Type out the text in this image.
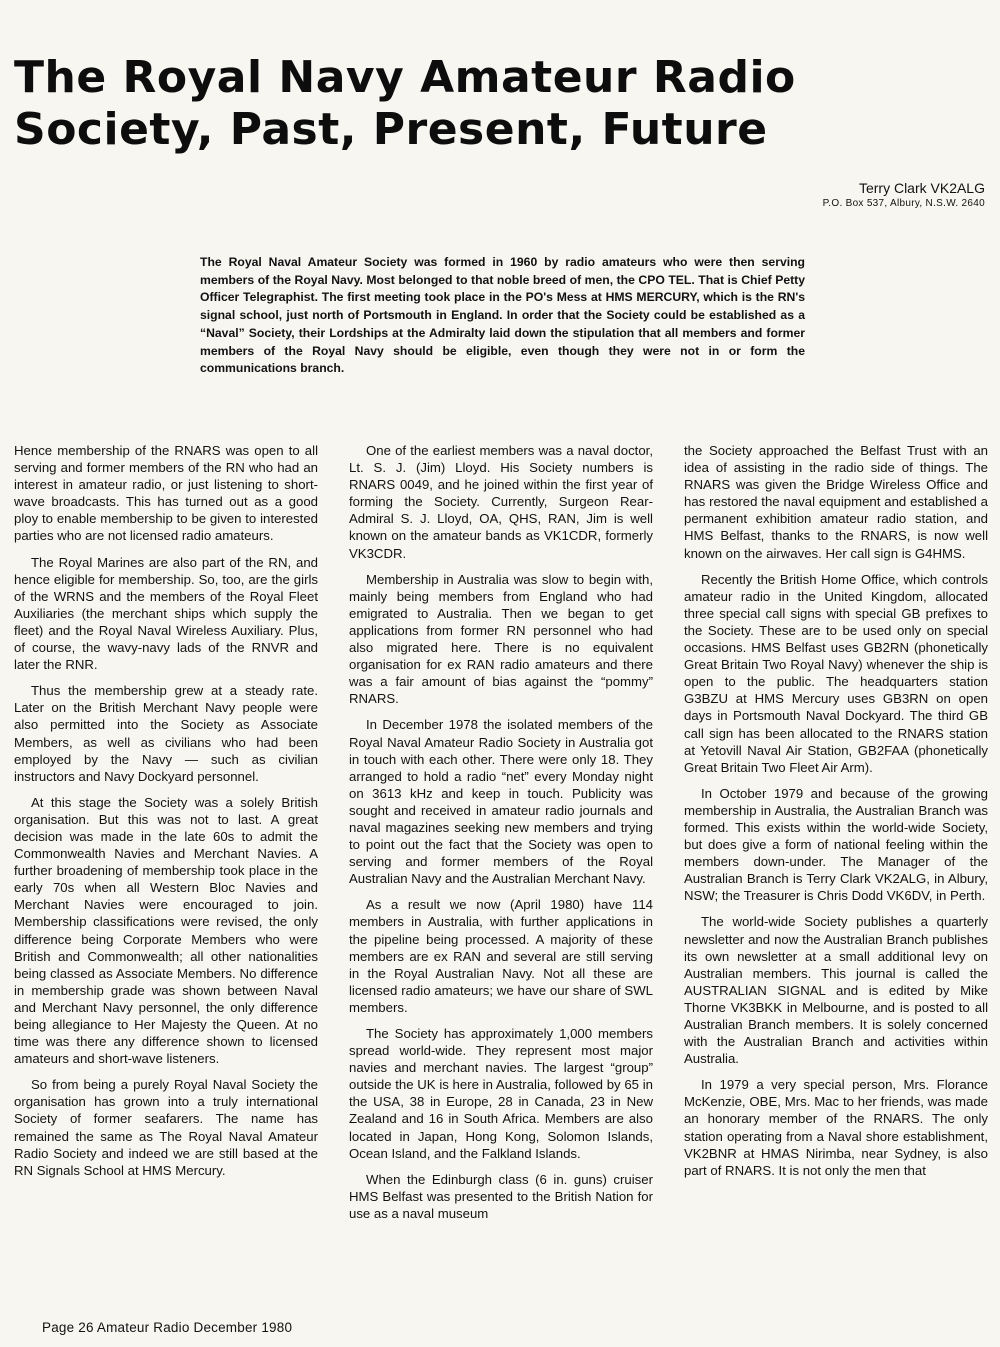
The Royal Navy Amateur Radio
Society, Past, Present, Future
Terry Clark VK2ALG
P.O. Box 537, Albury, N.S.W. 2640

The Royal Naval Amateur Society was formed in 1960 by radio amateurs who were then serving members of the Royal Navy. Most belonged to that noble breed of men, the CPO TEL. That is Chief Petty Officer Telegraphist. The first meeting took place in the PO's Mess at HMS MERCURY, which is the RN's signal school, just north of Portsmouth in England. In order that the Society could be established as a “Naval” Society, their Lordships at the Admiralty laid down the stipulation that all members and former members of the Royal Navy should be eligible, even though they were not in or form the communications branch.

Hence membership of the RNARS was open to all serving and former members of the RN who had an interest in amateur radio, or just listening to short-wave broadcasts. This has turned out as a good ploy to enable membership to be given to interested parties who are not licensed radio amateurs.

The Royal Marines are also part of the RN, and hence eligible for membership. So, too, are the girls of the WRNS and the members of the Royal Fleet Auxiliaries (the merchant ships which supply the fleet) and the Royal Naval Wireless Auxiliary. Plus, of course, the wavy-navy lads of the RNVR and later the RNR.

Thus the membership grew at a steady rate. Later on the British Merchant Navy people were also permitted into the Society as Associate Members, as well as civilians who had been employed by the Navy — such as civilian instructors and Navy Dockyard personnel.

At this stage the Society was a solely British organisation. But this was not to last. A great decision was made in the late 60s to admit the Commonwealth Navies and Merchant Navies. A further broadening of membership took place in the early 70s when all Western Bloc Navies and Merchant Navies were encouraged to join. Membership classifications were revised, the only difference being Corporate Members who were British and Commonwealth; all other nationalities being classed as Associate Members. No difference in membership grade was shown between Naval and Merchant Navy personnel, the only difference being allegiance to Her Majesty the Queen. At no time was there any difference shown to licensed amateurs and short-wave listeners.

So from being a purely Royal Naval Society the organisation has grown into a truly international Society of former seafarers. The name has remained the same as The Royal Naval Amateur Radio Society and indeed we are still based at the RN Signals School at HMS Mercury.

One of the earliest members was a naval doctor, Lt. S. J. (Jim) Lloyd. His Society numbers is RNARS 0049, and he joined within the first year of forming the Society. Currently, Surgeon Rear-Admiral S. J. Lloyd, OA, QHS, RAN, Jim is well known on the amateur bands as VK1CDR, formerly VK3CDR.

Membership in Australia was slow to begin with, mainly being members from England who had emigrated to Australia. Then we began to get applications from former RN personnel who had also migrated here. There is no equivalent organisation for ex RAN radio amateurs and there was a fair amount of bias against the “pommy” RNARS.

In December 1978 the isolated members of the Royal Naval Amateur Radio Society in Australia got in touch with each other. There were only 18. They arranged to hold a radio “net” every Monday night on 3613 kHz and keep in touch. Publicity was sought and received in amateur radio journals and naval magazines seeking new members and trying to point out the fact that the Society was open to serving and former members of the Royal Australian Navy and the Australian Merchant Navy.

As a result we now (April 1980) have 114 members in Australia, with further applications in the pipeline being processed. A majority of these members are ex RAN and several are still serving in the Royal Australian Navy. Not all these are licensed radio amateurs; we have our share of SWL members.

The Society has approximately 1,000 members spread world-wide. They represent most major navies and merchant navies. The largest “group” outside the UK is here in Australia, followed by 65 in the USA, 38 in Europe, 28 in Canada, 23 in New Zealand and 16 in South Africa. Members are also located in Japan, Hong Kong, Solomon Islands, Ocean Island, and the Falkland Islands.

When the Edinburgh class (6 in. guns) cruiser HMS Belfast was presented to the British Nation for use as a naval museum

the Society approached the Belfast Trust with an idea of assisting in the radio side of things. The RNARS was given the Bridge Wireless Office and has restored the naval equipment and established a permanent exhibition amateur radio station, and HMS Belfast, thanks to the RNARS, is now well known on the airwaves. Her call sign is G4HMS.

Recently the British Home Office, which controls amateur radio in the United Kingdom, allocated three special call signs with special GB prefixes to the Society. These are to be used only on special occasions. HMS Belfast uses GB2RN (phonetically Great Britain Two Royal Navy) whenever the ship is open to the public. The headquarters station G3BZU at HMS Mercury uses GB3RN on open days in Portsmouth Naval Dockyard. The third GB call sign has been allocated to the RNARS station at Yetovill Naval Air Station, GB2FAA (phonetically Great Britain Two Fleet Air Arm).

In October 1979 and because of the growing membership in Australia, the Australian Branch was formed. This exists within the world-wide Society, but does give a form of national feeling within the members down-under. The Manager of the Australian Branch is Terry Clark VK2ALG, in Albury, NSW; the Treasurer is Chris Dodd VK6DV, in Perth.

The world-wide Society publishes a quarterly newsletter and now the Australian Branch publishes its own newsletter at a small additional levy on Australian members. This journal is called the AUSTRALIAN SIGNAL and is edited by Mike Thorne VK3BKK in Melbourne, and is posted to all Australian Branch members. It is solely concerned with the Australian Branch and activities within Australia.

In 1979 a very special person, Mrs. Florance McKenzie, OBE, Mrs. Mac to her friends, was made an honorary member of the RNARS. The only station operating from a Naval shore establishment, VK2BNR at HMAS Nirimba, near Sydney, is also part of RNARS. It is not only the men that

Page 26 Amateur Radio December 1980
